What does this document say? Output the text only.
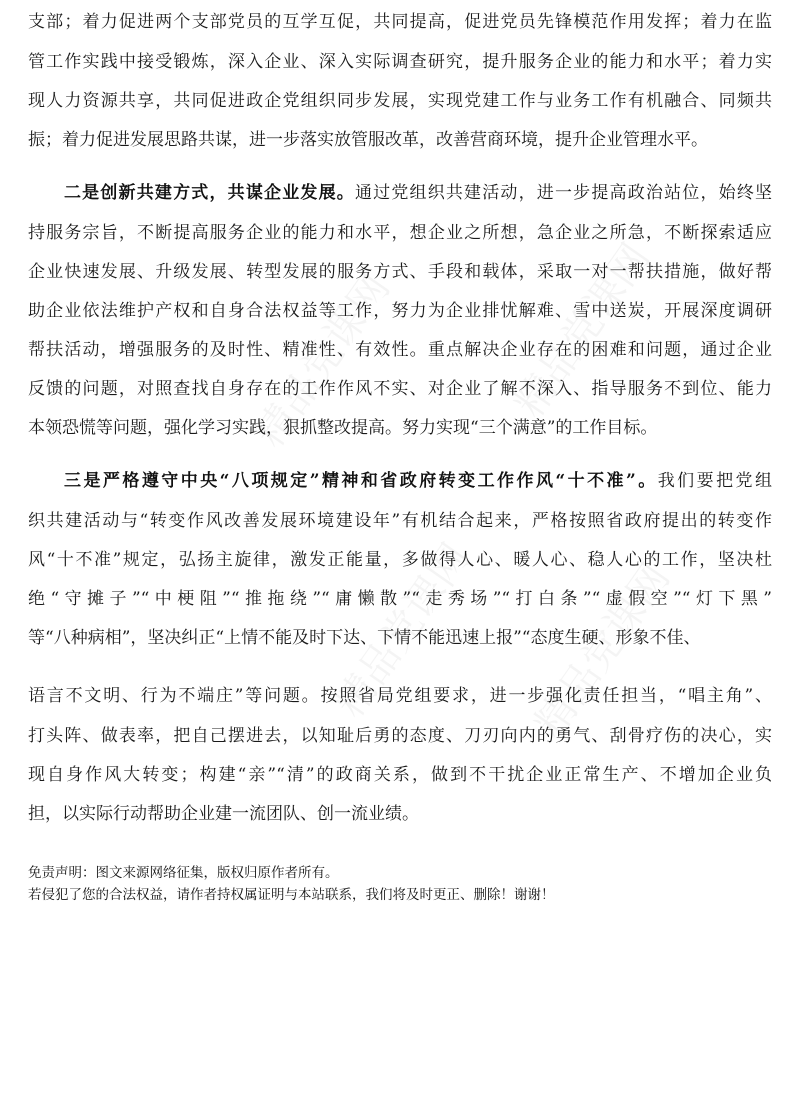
支部；着力促进两个支部党员的互学互促，共同提高，促进党员先锋模范作用发挥；着力在监
管工作实践中接受锻炼，深入企业、深入实际调查研究，提升服务企业的能力和水平；着力实
现人力资源共享，共同促进政企党组织同步发展，实现党建工作与业务工作有机融合、同频共
振；着力促进发展思路共谋，进一步落实放管服改革，改善营商环境，提升企业管理水平。
二是创新共建方式，共谋企业发展。通过党组织共建活动，进一步提高政治站位，始终坚
持服务宗旨，不断提高服务企业的能力和水平，想企业之所想，急企业之所急，不断探索适应
企业快速发展、升级发展、转型发展的服务方式、手段和载体，采取一对一帮扶措施，做好帮
助企业依法维护产权和自身合法权益等工作，努力为企业排忧解难、雪中送炭，开展深度调研
帮扶活动，增强服务的及时性、精准性、有效性。重点解决企业存在的困难和问题，通过企业
反馈的问题，对照查找自身存在的工作作风不实、对企业了解不深入、指导服务不到位、能力
本领恐慌等问题，强化学习实践，狠抓整改提高。努力实现“三个满意”的工作目标。
三是严格遵守中央“八项规定”精神和省政府转变工作作风“十不准”。我们要把党组
织共建活动与“转变作风改善发展环境建设年”有机结合起来，严格按照省政府提出的转变作
风“十不准”规定，弘扬主旋律，激发正能量，多做得人心、暖人心、稳人心的工作，坚决杜
绝“守摊子”“中梗阻”“推拖绕”“庸懒散”“走秀场”“打白条”“虚假空”“灯下黑”
等“八种病相”，坚决纠正“上情不能及时下达、下情不能迅速上报”“态度生硬、形象不佳、
语言不文明、行为不端庄”等问题。按照省局党组要求，进一步强化责任担当，“唱主角”、
打头阵、做表率，把自己摆进去，以知耻后勇的态度、刀刃向内的勇气、刮骨疗伤的决心，实
现自身作风大转变；构建“亲”“清”的政商关系，做到不干扰企业正常生产、不增加企业负
担，以实际行动帮助企业建一流团队、创一流业绩。
免责声明：图文来源网络征集，版权归原作者所有。
若侵犯了您的合法权益，请作者持权属证明与本站联系，我们将及时更正、删除！谢谢！
